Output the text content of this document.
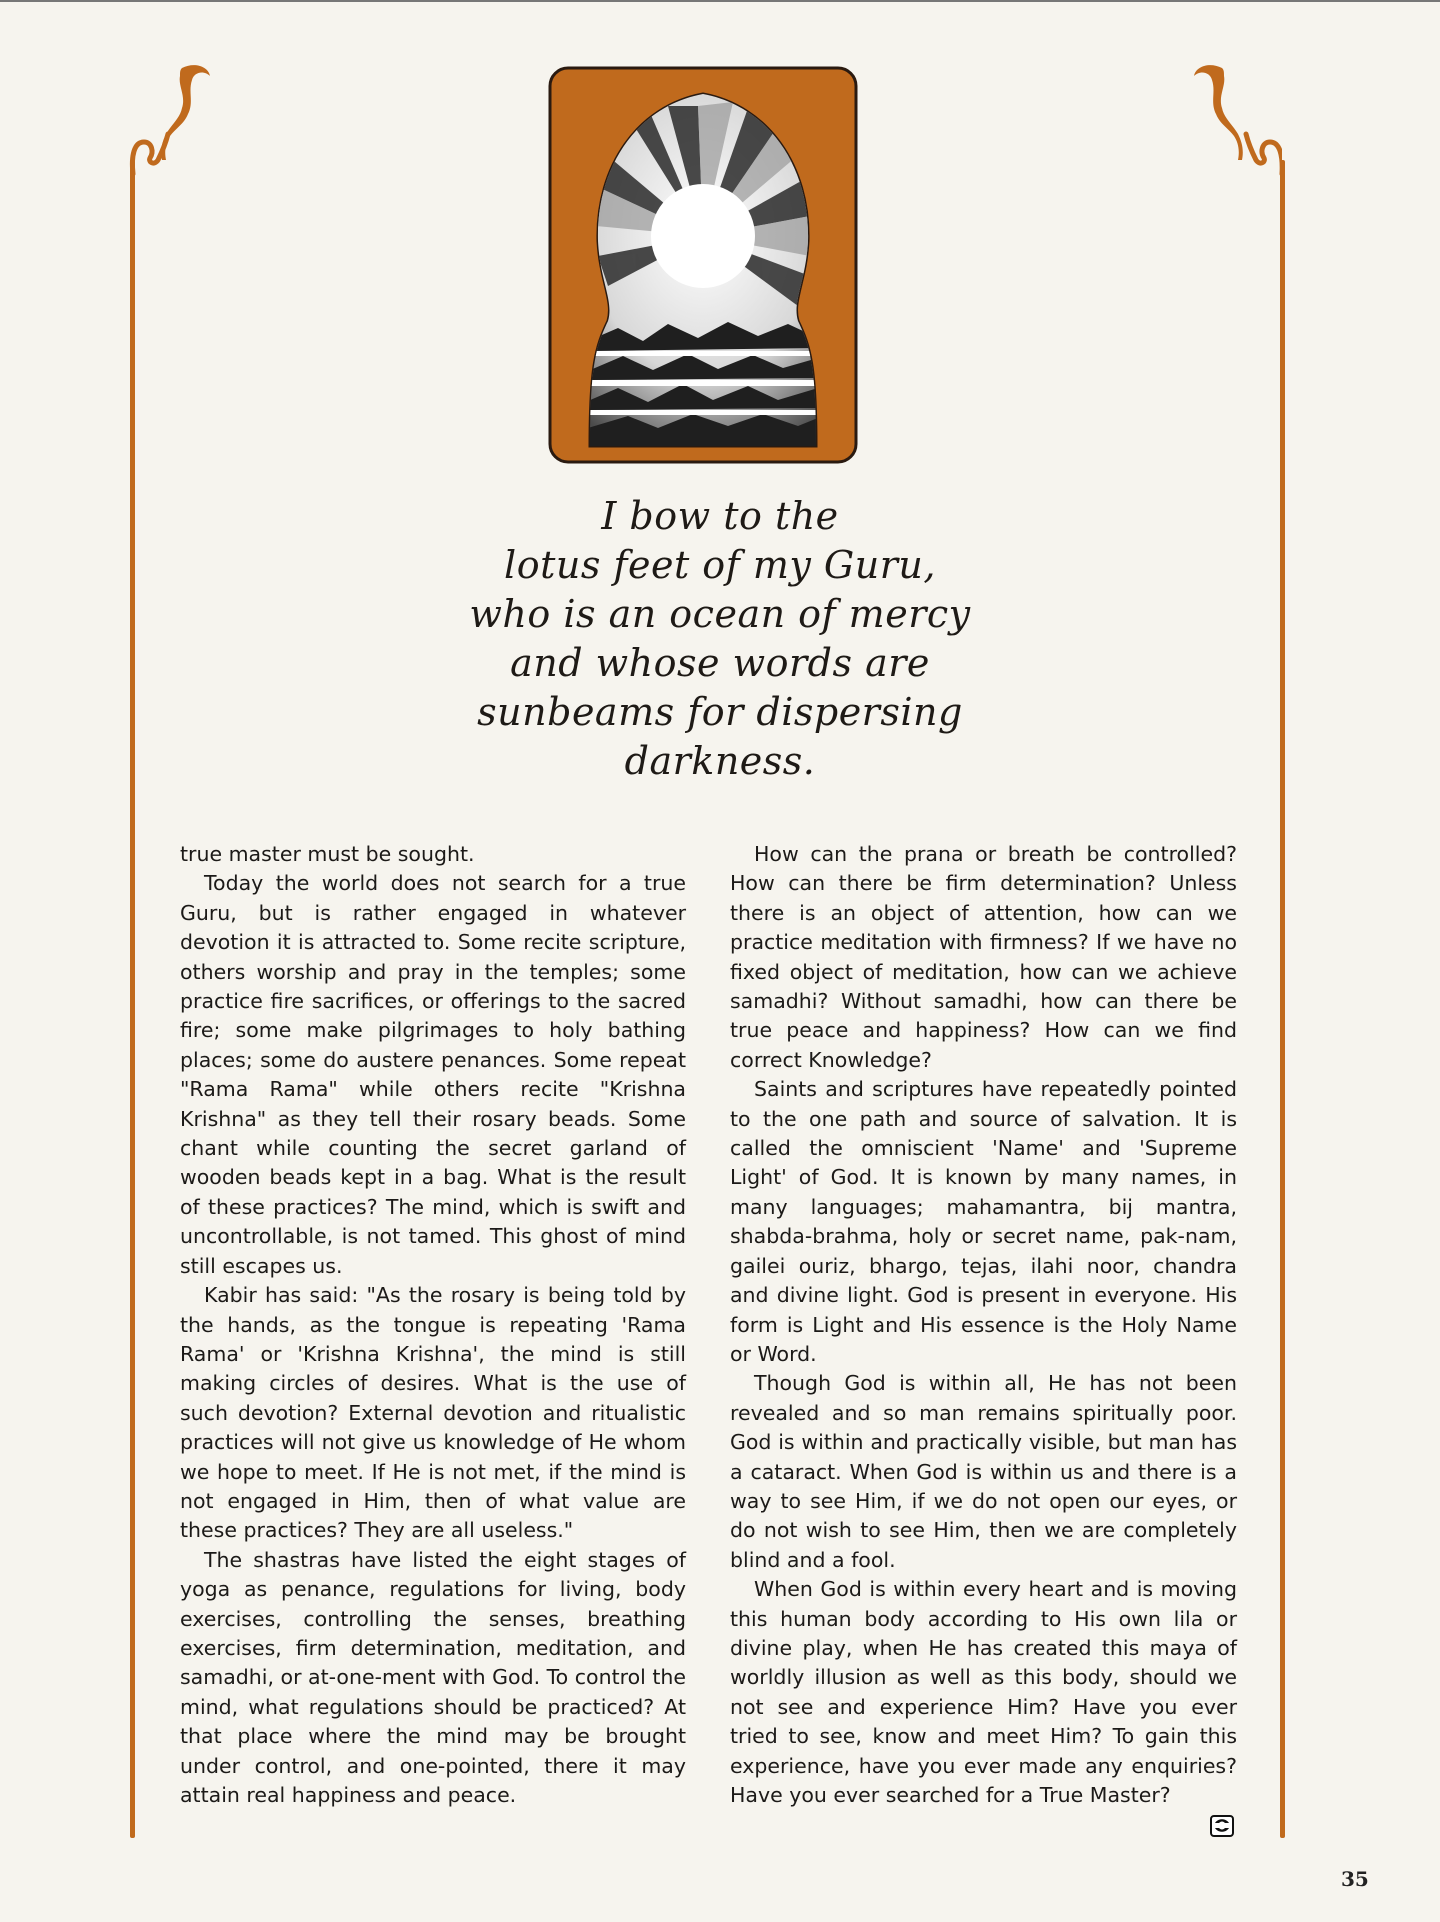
I bow to the
lotus feet of my Guru,
who is an ocean of mercy
and whose words are
sunbeams for dispersing
darkness.

true master must be sought.

Today the world does not search for a true Guru, but is rather engaged in whatever devotion it is attracted to. Some recite scripture, others worship and pray in the temples; some practice fire sacrifices, or offerings to the sacred fire; some make pilgrimages to holy bathing places; some do austere penances. Some repeat "Rama Rama" while others recite "Krishna Krishna" as they tell their rosary beads. Some chant while counting the secret garland of wooden beads kept in a bag. What is the result of these practices? The mind, which is swift and uncontrollable, is not tamed. This ghost of mind still escapes us.

Kabir has said: "As the rosary is being told by the hands, as the tongue is repeating 'Rama Rama' or 'Krishna Krishna', the mind is still making circles of desires. What is the use of such devotion? External devotion and ritualistic practices will not give us knowledge of He whom we hope to meet. If He is not met, if the mind is not engaged in Him, then of what value are these practices? They are all useless."

The shastras have listed the eight stages of yoga as penance, regulations for living, body exercises, controlling the senses, breathing exercises, firm determination, meditation, and samadhi, or at-one-ment with God. To control the mind, what regulations should be practiced? At that place where the mind may be brought under control, and one-pointed, there it may attain real happiness and peace.

How can the prana or breath be controlled? How can there be firm determination? Unless there is an object of attention, how can we practice meditation with firmness? If we have no fixed object of meditation, how can we achieve samadhi? Without samadhi, how can there be true peace and happiness? How can we find correct Knowledge?

Saints and scriptures have repeatedly pointed to the one path and source of salvation. It is called the omniscient 'Name' and 'Supreme Light' of God. It is known by many names, in many languages; mahamantra, bij mantra, shabda-brahma, holy or secret name, pak-nam, gailei ouriz, bhargo, tejas, ilahi noor, chandra and divine light. God is present in everyone. His form is Light and His essence is the Holy Name or Word.

Though God is within all, He has not been revealed and so man remains spiritually poor. God is within and practically visible, but man has a cataract. When God is within us and there is a way to see Him, if we do not open our eyes, or do not wish to see Him, then we are completely blind and a fool.

When God is within every heart and is moving this human body according to His own lila or divine play, when He has created this maya of worldly illusion as well as this body, should we not see and experience Him? Have you ever tried to see, know and meet Him? To gain this experience, have you ever made any enquiries? Have you ever searched for a True Master?

35
